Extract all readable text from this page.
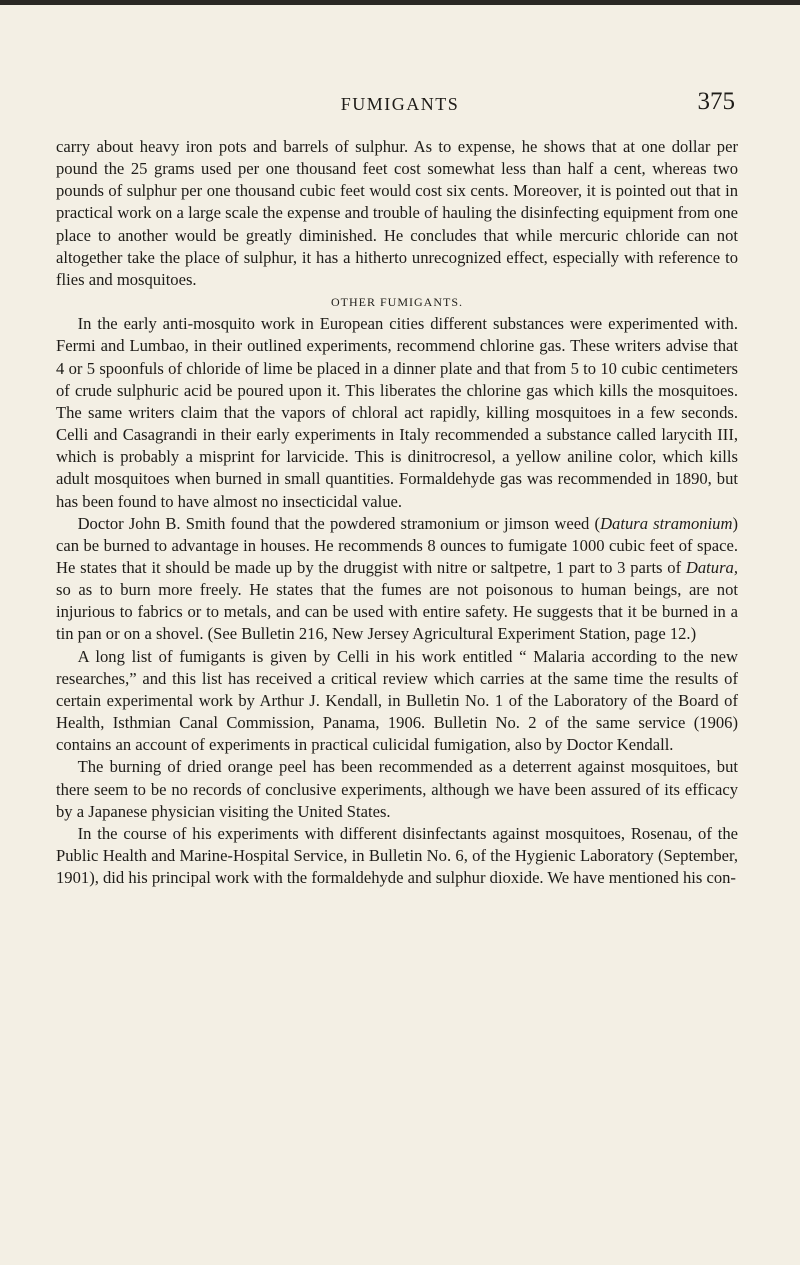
FUMIGANTS	375

carry about heavy iron pots and barrels of sulphur. As to expense, he shows that at one dollar per pound the 25 grams used per one thousand feet cost somewhat less than half a cent, whereas two pounds of sulphur per one thousand cubic feet would cost six cents. Moreover, it is pointed out that in practical work on a large scale the expense and trouble of hauling the disinfecting equipment from one place to another would be greatly diminished. He concludes that while mercuric chloride can not altogether take the place of sulphur, it has a hitherto unrecognized effect, especially with reference to flies and mosquitoes.

OTHER FUMIGANTS.

In the early anti-mosquito work in European cities different substances were experimented with. Fermi and Lumbao, in their outlined experiments, recommend chlorine gas. These writers advise that 4 or 5 spoonfuls of chloride of lime be placed in a dinner plate and that from 5 to 10 cubic centimeters of crude sulphuric acid be poured upon it. This liberates the chlorine gas which kills the mosquitoes. The same writers claim that the vapors of chloral act rapidly, killing mosquitoes in a few seconds. Celli and Casagrandi in their early experiments in Italy recommended a substance called larycith III, which is probably a misprint for larvicide. This is dinitrocresol, a yellow aniline color, which kills adult mosquitoes when burned in small quantities. Formaldehyde gas was recommended in 1890, but has been found to have almost no insecticidal value.

Doctor John B. Smith found that the powdered stramonium or jimson weed (Datura stramonium) can be burned to advantage in houses. He recommends 8 ounces to fumigate 1000 cubic feet of space. He states that it should be made up by the druggist with nitre or saltpetre, 1 part to 3 parts of Datura, so as to burn more freely. He states that the fumes are not poisonous to human beings, are not injurious to fabrics or to metals, and can be used with entire safety. He suggests that it be burned in a tin pan or on a shovel. (See Bulletin 216, New Jersey Agricultural Experiment Station, page 12.)

A long list of fumigants is given by Celli in his work entitled “ Malaria according to the new researches,” and this list has received a critical review which carries at the same time the results of certain experimental work by Arthur J. Kendall, in Bulletin No. 1 of the Laboratory of the Board of Health, Isthmian Canal Commission, Panama, 1906. Bulletin No. 2 of the same service (1906) contains an account of experiments in practical culicidal fumigation, also by Doctor Kendall.

The burning of dried orange peel has been recommended as a deterrent against mosquitoes, but there seem to be no records of conclusive experiments, although we have been assured of its efficacy by a Japanese physician visiting the United States.

In the course of his experiments with different disinfectants against mosquitoes, Rosenau, of the Public Health and Marine-Hospital Service, in Bulletin No. 6, of the Hygienic Laboratory (September, 1901), did his principal work with the formaldehyde and sulphur dioxide. We have mentioned his con-
